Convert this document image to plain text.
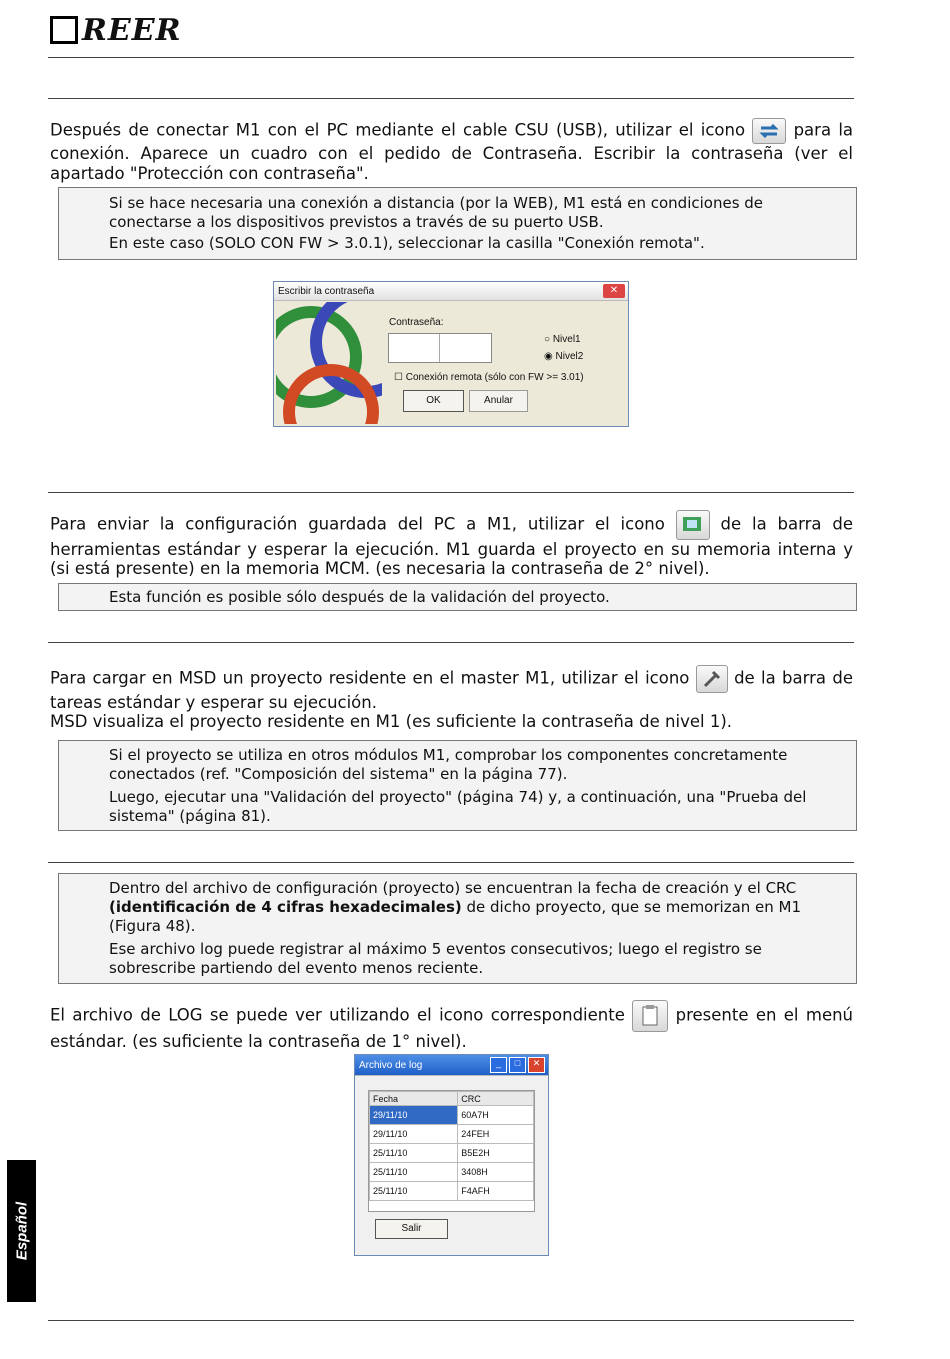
REER
Después de conectar M1 con el PC mediante el cable CSU (USB), utilizar el icono	para la conexión. Aparece un cuadro con el pedido de Contraseña. Escribir la contraseña (ver el apartado "Protección con contraseña".

Si se hace necesaria una conexión a distancia (por la WEB), M1 está en condiciones de conectarse a los dispositivos previstos a través de su puerto USB.

En este caso (SOLO CON FW > 3.0.1), seleccionar la casilla "Conexión remota".

Escribir la contraseña	✕
Contraseña:
○ Nivel1
◉ Nivel2
☐ Conexión remota (sólo con FW >= 3.01)
OK	Anular
Para enviar la configuración guardada del PC a M1, utilizar el icono	de la barra de herramientas estándar y esperar la ejecución. M1 guarda el proyecto en su memoria interna y (si está presente) en la memoria MCM. (es necesaria la contraseña de 2° nivel).

Esta función es posible sólo después de la validación del proyecto.

Para cargar en MSD un proyecto residente en el master M1, utilizar el icono	de la barra de tareas estándar y esperar su ejecución.
MSD visualiza el proyecto residente en M1 (es suficiente la contraseña de nivel 1).

Si el proyecto se utiliza en otros módulos M1, comprobar los componentes concretamente conectados (ref. "Composición del sistema" en la página 77).

Luego, ejecutar una "Validación del proyecto" (página 74) y, a continuación, una "Prueba del sistema" (página 81).

Dentro del archivo de configuración (proyecto) se encuentran la fecha de creación y el CRC (identificación de 4 cifras hexadecimales) de dicho proyecto, que se memorizan en M1 (Figura 48).

Ese archivo log puede registrar al máximo 5 eventos consecutivos; luego el registro se sobrescribe partiendo del evento menos reciente.

El archivo de LOG se puede ver utilizando el icono correspondiente	presente en el menú estándar. (es suficiente la contraseña de 1° nivel).
Archivo de log	_	□	✕
Fecha	CRC
29/11/10	60A7H
29/11/10	24FEH
25/11/10	B5E2H
25/11/10	3408H
25/11/10	F4AFH
Salir
Español
